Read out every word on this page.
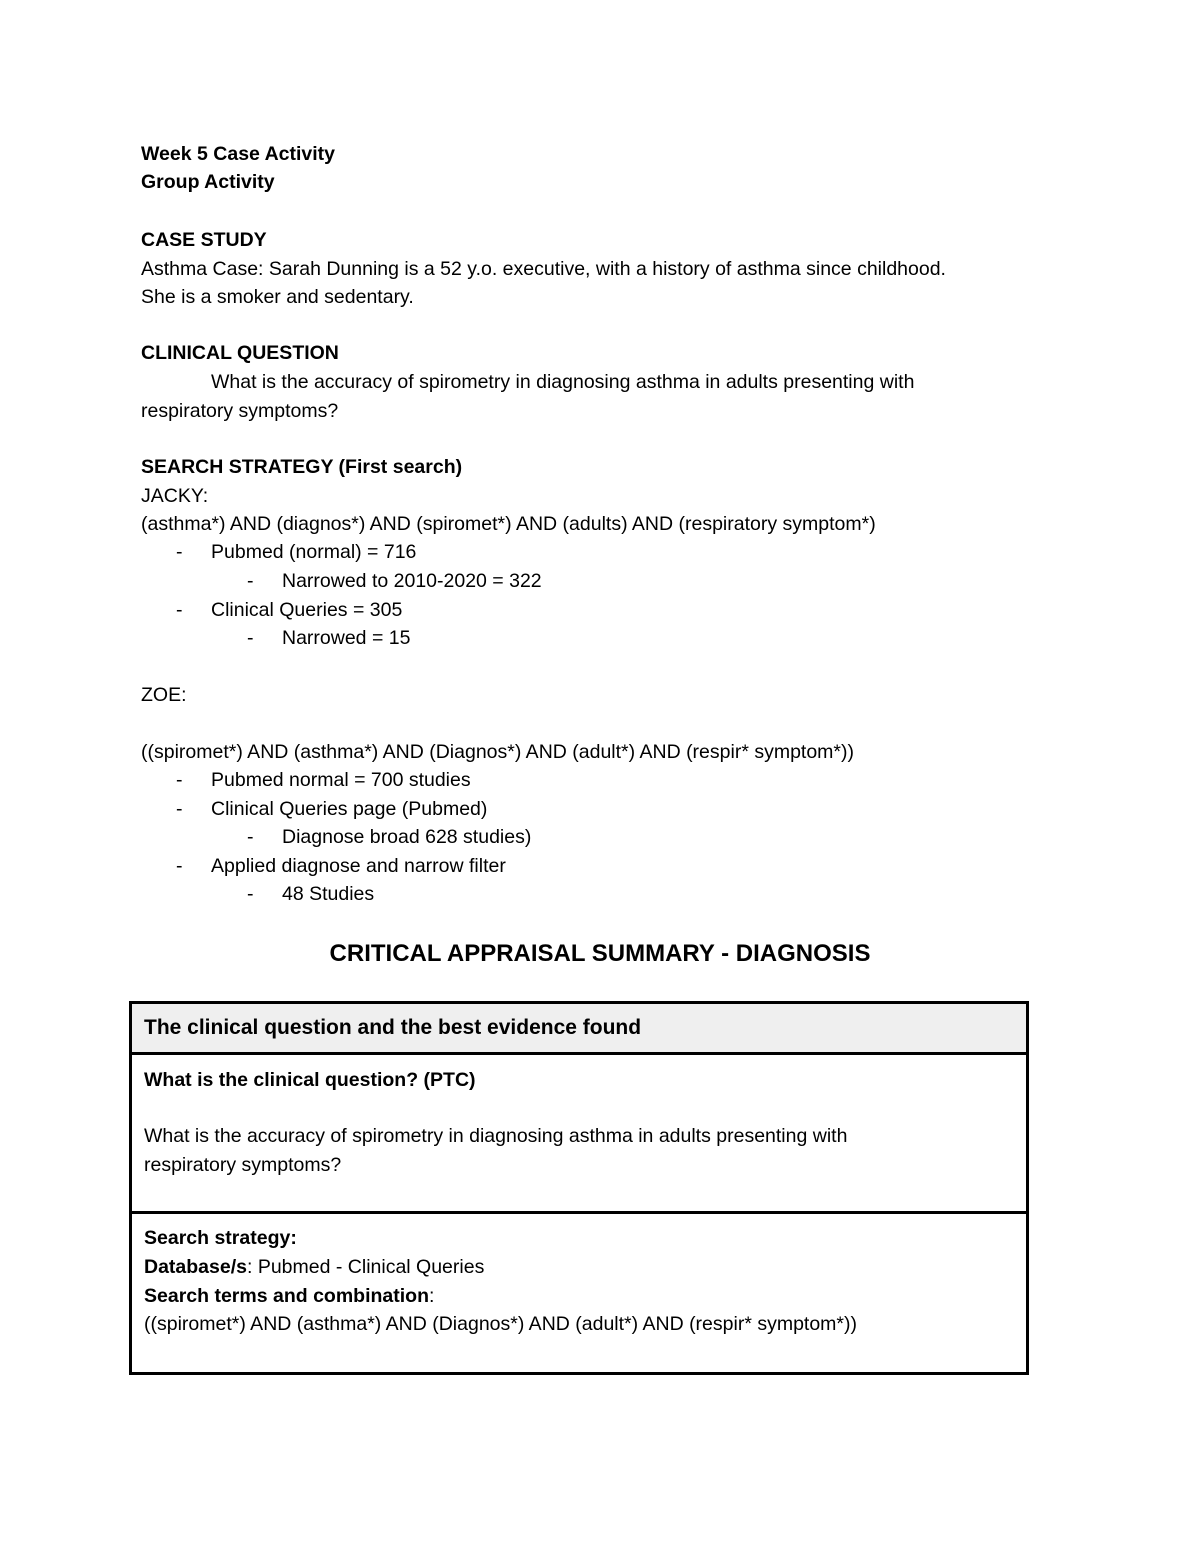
Week 5 Case Activity
Group Activity
CASE STUDY
Asthma Case: Sarah Dunning is a 52 y.o. executive, with a history of asthma since childhood.
She is a smoker and sedentary.
CLINICAL QUESTION
What is the accuracy of spirometry in diagnosing asthma in adults presenting with
respiratory symptoms?
SEARCH STRATEGY (First search)
JACKY:
(asthma*) AND (diagnos*) AND (spiromet*) AND (adults) AND (respiratory symptom*)
- Pubmed (normal) = 716
- Narrowed to 2010-2020 = 322
- Clinical Queries = 305
- Narrowed = 15
ZOE:
((spiromet*) AND (asthma*) AND (Diagnos*) AND (adult*) AND (respir* symptom*))
- Pubmed normal = 700 studies
- Clinical Queries page (Pubmed)
- Diagnose broad 628 studies)
- Applied diagnose and narrow filter
- 48 Studies
CRITICAL APPRAISAL SUMMARY - DIAGNOSIS
The clinical question and the best evidence found
What is the clinical question? (PTC)
What is the accuracy of spirometry in diagnosing asthma in adults presenting with
respiratory symptoms?
Search strategy:
Database/s: Pubmed - Clinical Queries
Search terms and combination:
((spiromet*) AND (asthma*) AND (Diagnos*) AND (adult*) AND (respir* symptom*))
